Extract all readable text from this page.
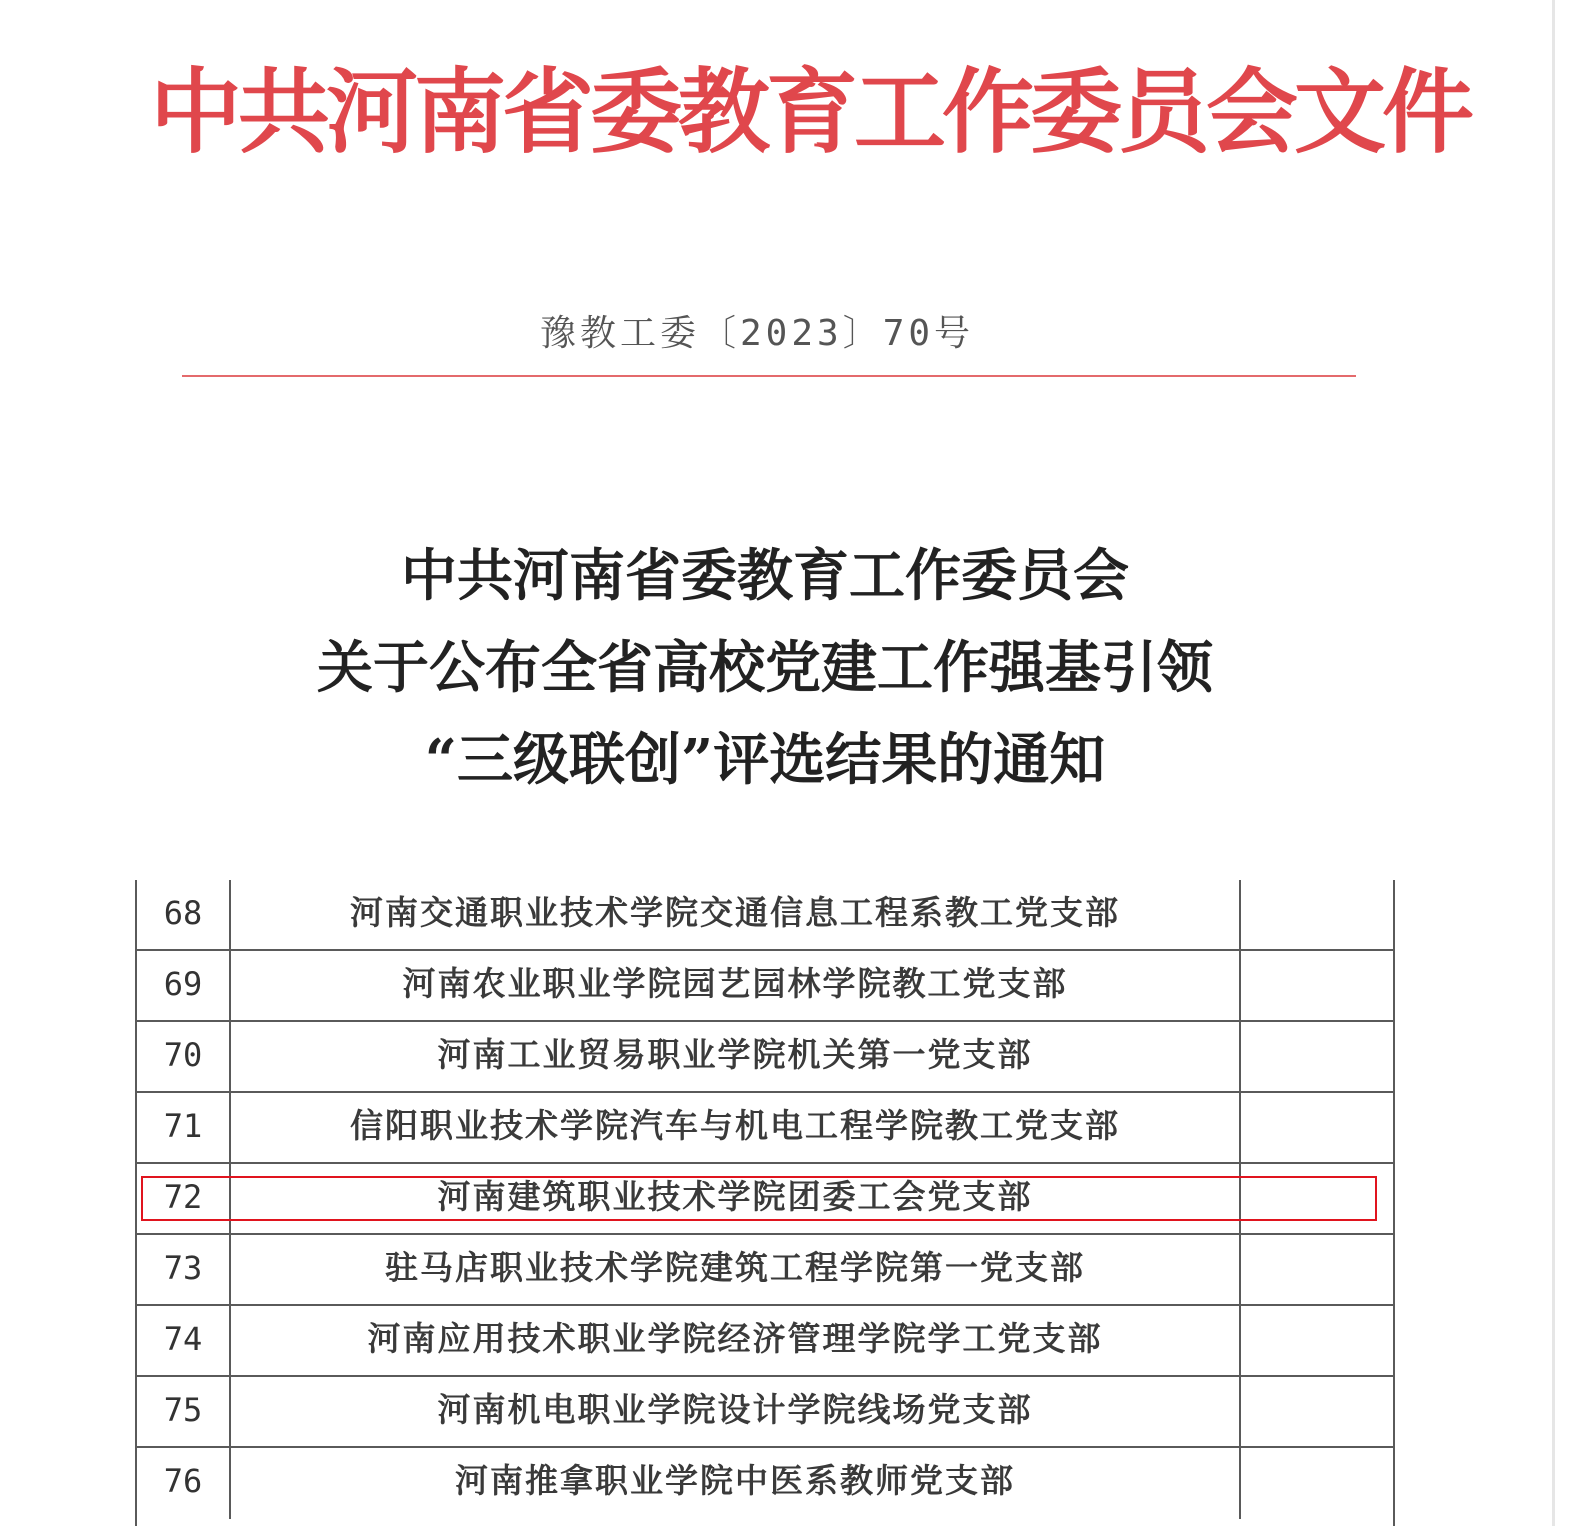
中共河南省委教育工作委员会文件
豫教工委〔2023〕70号
中共河南省委教育工作委员会
关于公布全省高校党建工作强基引领
“三级联创”评选结果的通知
68	河南交通职业技术学院交通信息工程系教工党支部
69	河南农业职业学院园艺园林学院教工党支部
70	河南工业贸易职业学院机关第一党支部
71	信阳职业技术学院汽车与机电工程学院教工党支部
72	河南建筑职业技术学院团委工会党支部
73	驻马店职业技术学院建筑工程学院第一党支部
74	河南应用技术职业学院经济管理学院学工党支部
75	河南机电职业学院设计学院线场党支部
76	河南推拿职业学院中医系教师党支部
